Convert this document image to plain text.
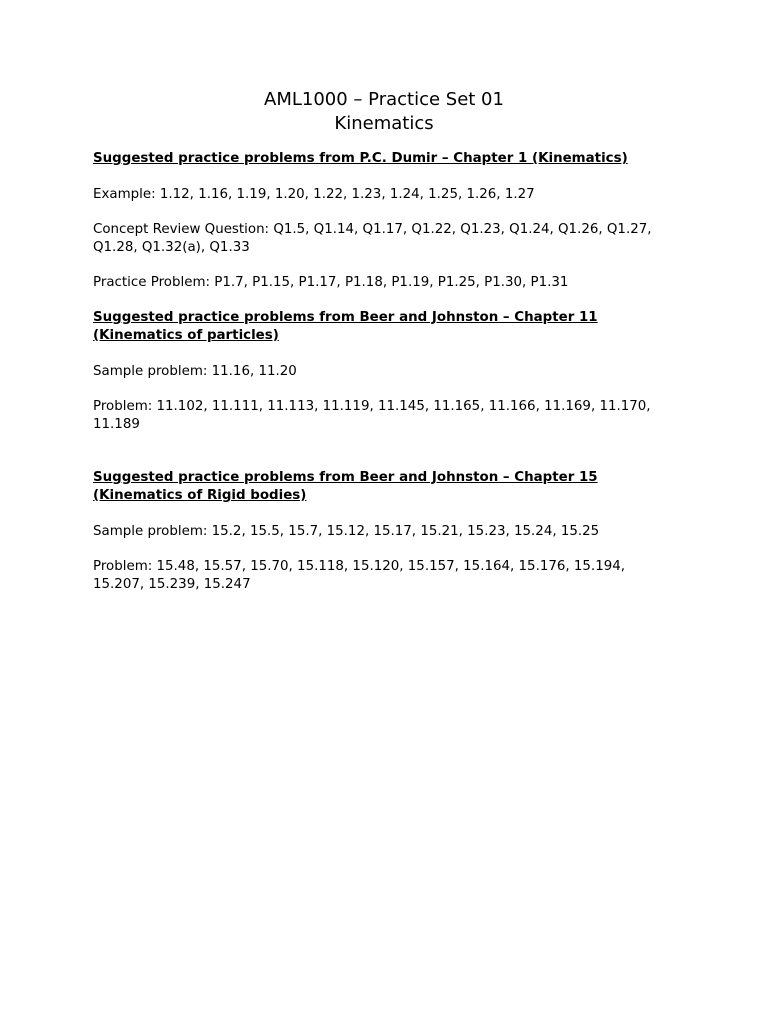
AML1000 – Practice Set 01
Kinematics

Suggested practice problems from P.C. Dumir – Chapter 1 (Kinematics)

Example: 1.12, 1.16, 1.19, 1.20, 1.22, 1.23, 1.24, 1.25, 1.26, 1.27

Concept Review Question: Q1.5, Q1.14, Q1.17, Q1.22, Q1.23, Q1.24, Q1.26, Q1.27, Q1.28, Q1.32(a), Q1.33

Practice Problem: P1.7, P1.15, P1.17, P1.18, P1.19, P1.25, P1.30, P1.31

Suggested practice problems from Beer and Johnston – Chapter 11 (Kinematics of particles)

Sample problem: 11.16, 11.20

Problem: 11.102, 11.111, 11.113, 11.119, 11.145, 11.165, 11.166, 11.169, 11.170, 11.189

Suggested practice problems from Beer and Johnston – Chapter 15 (Kinematics of Rigid bodies)

Sample problem: 15.2, 15.5, 15.7, 15.12, 15.17, 15.21, 15.23, 15.24, 15.25

Problem: 15.48, 15.57, 15.70, 15.118, 15.120, 15.157, 15.164, 15.176, 15.194, 15.207, 15.239, 15.247
